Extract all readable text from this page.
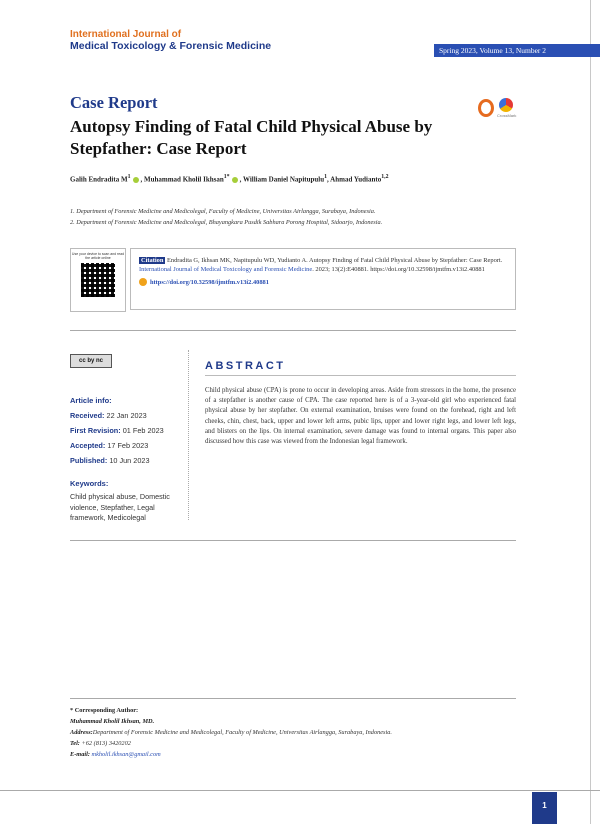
International Journal of
Medical Toxicology & Forensic Medicine	Spring 2023, Volume 13, Number 2
Case Report
Autopsy Finding of Fatal Child Physical Abuse by Stepfather: Case Report
CrossMark
Galih Endradita $M^1$ , Muhammad Kholil Ikhsan$^{1*}$ , William Daniel Napitupulu$^1$, Ahmad Yudianto$^{1,2}$
1. Department of Forensic Medicine and Medicolegal, Faculty of Medicine, Universitas Airlangga, Surabaya, Indonesia.
2. Department of Forensic Medicine and Medicolegal, Bhayangkara Pusdik Sabhara Porong Hospital, Sidoarjo, Indonesia.
Use your device to scan and read the article online	Citation Endradita G, Ikhsan MK, Napitupulu WD, Yudianto A. Autopsy Finding of Fatal Child Physical Abuse by Stepfather: Case Report. International Journal of Medical Toxicology and Forensic Medicine. 2023; 13(2):E40881. https://doi.org/10.32598/ijmtfm.v13i2.40881
https://doi.org/10.32598/ijmtfm.v13i2.40881
cc by nc
Article info:
Received: 22 Jan 2023
First Revision: 01 Feb 2023
Accepted: 17 Feb 2023
Published: 10 Jun 2023
Keywords:
Child physical abuse, Domestic violence, Stepfather, Legal framework, Medicolegal
ABSTRACT
Child physical abuse (CPA) is prone to occur in developing areas. Aside from stressors in the home, the presence of a stepfather is another cause of CPA. The case reported here is of a 3-year-old girl who experienced fatal physical abuse by her stepfather. On external examination, bruises were found on the forehead, right and left cheeks, chin, chest, back, upper and lower left arms, pubic lips, upper and lower right legs, and lower left legs, and blisters on the lips. On internal examination, severe damage was found to internal organs. This paper also discussed how this case was viewed from the Indonesian legal framework.
* Corresponding Author:
Muhammad Kholil Ikhsan, MD.
Address:Department of Forensic Medicine and Medicolegal, Faculty of Medicine, Universitas Airlangga, Surabaya, Indonesia.
Tel: +62 (813) 3420202
E-mail: mkholil.ikhsan@gmail.com
1
